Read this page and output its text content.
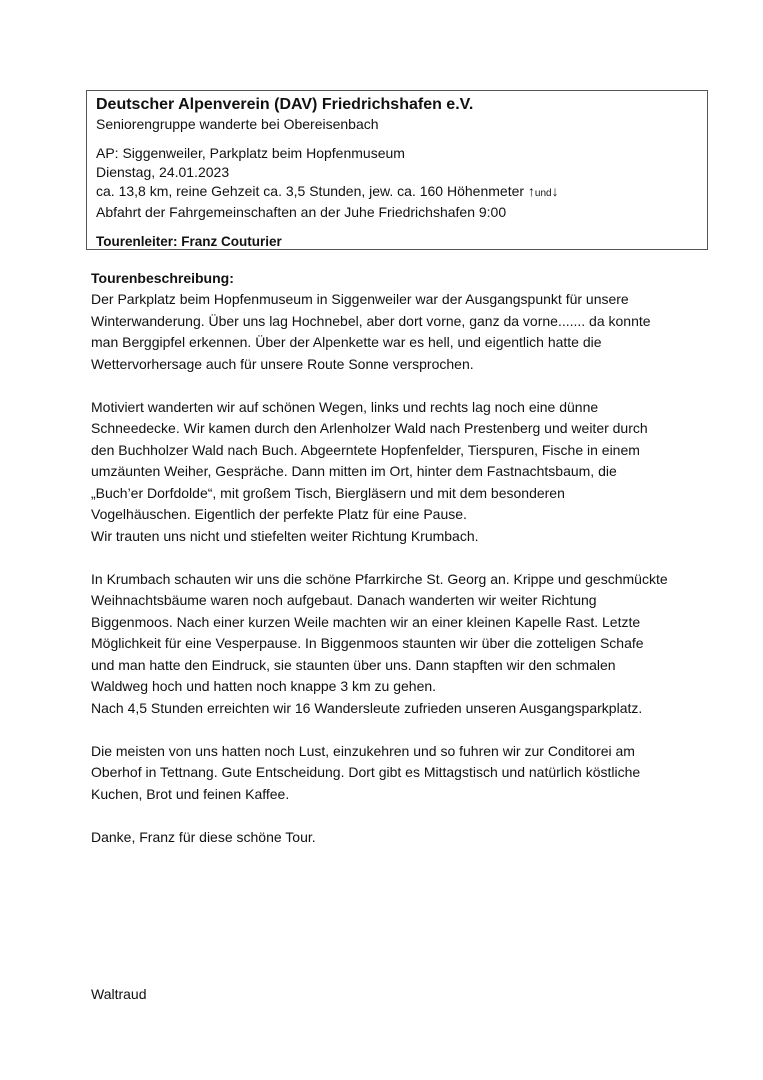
Deutscher Alpenverein (DAV) Friedrichshafen e.V.

Seniorengruppe wanderte bei Obereisenbach

AP: Siggenweiler, Parkplatz beim Hopfenmuseum

Dienstag, 24.01.2023

ca. 13,8 km, reine Gehzeit ca. 3,5 Stunden, jew. ca. 160 Höhenmeter ↑und↓

Abfahrt der Fahrgemeinschaften an der Juhe Friedrichshafen 9:00

Tourenleiter: Franz Couturier

Tourenbeschreibung:

Der Parkplatz beim Hopfenmuseum in Siggenweiler war der Ausgangspunkt für unsere
Winterwanderung. Über uns lag Hochnebel, aber dort vorne, ganz da vorne....... da konnte
man Berggipfel erkennen. Über der Alpenkette war es hell, und eigentlich hatte die
Wettervorhersage auch für unsere Route Sonne versprochen.

Motiviert wanderten wir auf schönen Wegen, links und rechts lag noch eine dünne
Schneedecke. Wir kamen durch den Arlenholzer Wald nach Prestenberg und weiter durch
den Buchholzer Wald nach Buch. Abgeerntete Hopfenfelder, Tierspuren, Fische in einem
umzäunten Weiher, Gespräche. Dann mitten im Ort, hinter dem Fastnachtsbaum, die
„Buch’er Dorfdolde“, mit großem Tisch, Biergläsern und mit dem besonderen
Vogelhäuschen. Eigentlich der perfekte Platz für eine Pause.
Wir trauten uns nicht und stiefelten weiter Richtung Krumbach.

In Krumbach schauten wir uns die schöne Pfarrkirche St. Georg an. Krippe und geschmückte
Weihnachtsbäume waren noch aufgebaut. Danach wanderten wir weiter Richtung
Biggenmoos. Nach einer kurzen Weile machten wir an einer kleinen Kapelle Rast. Letzte
Möglichkeit für eine Vesperpause. In Biggenmoos staunten wir über die zotteligen Schafe
und man hatte den Eindruck, sie staunten über uns. Dann stapften wir den schmalen
Waldweg hoch und hatten noch knappe 3 km zu gehen.
Nach 4,5 Stunden erreichten wir 16 Wandersleute zufrieden unseren Ausgangsparkplatz.

Die meisten von uns hatten noch Lust, einzukehren und so fuhren wir zur Conditorei am
Oberhof in Tettnang. Gute Entscheidung. Dort gibt es Mittagstisch und natürlich köstliche
Kuchen, Brot und feinen Kaffee.

Danke, Franz für diese schöne Tour.

Waltraud
